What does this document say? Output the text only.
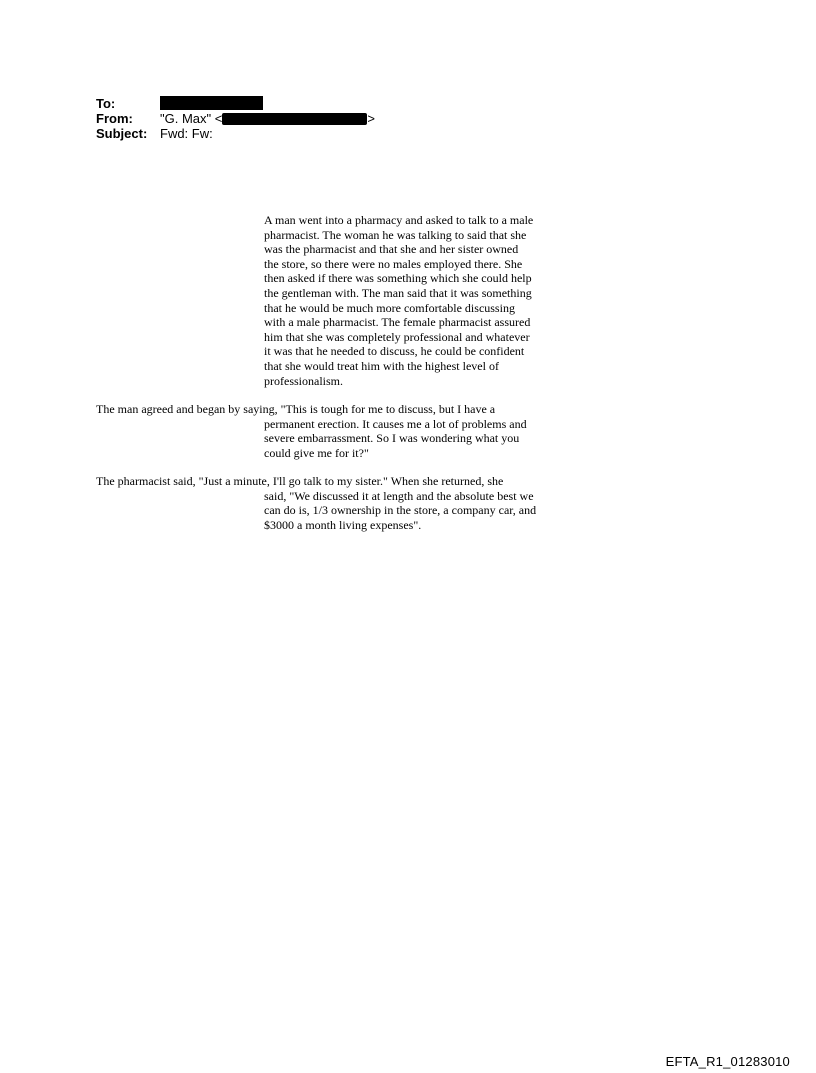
To:
From: "G. Max" <	>
Subject: Fwd: Fw:
A man went into a pharmacy and asked to talk to a male
pharmacist. The woman he was talking to said that she
was the pharmacist and that she and her sister owned
the store, so there were no males employed there. She
then asked if there was something which she could help
the gentleman with. The man said that it was something
that he would be much more comfortable discussing
with a male pharmacist. The female pharmacist assured
him that she was completely professional and whatever
it was that he needed to discuss, he could be confident
that she would treat him with the highest level of
professionalism.
The man agreed and began by saying, "This is tough for me to discuss, but I have a
permanent erection. It causes me a lot of problems and
severe embarrassment. So I was wondering what you
could give me for it?"
The pharmacist said, "Just a minute, I'll go talk to my sister." When she returned, she
said, "We discussed it at length and the absolute best we
can do is, 1/3 ownership in the store, a company car, and
$3000 a month living expenses".
EFTA_R1_01283010
